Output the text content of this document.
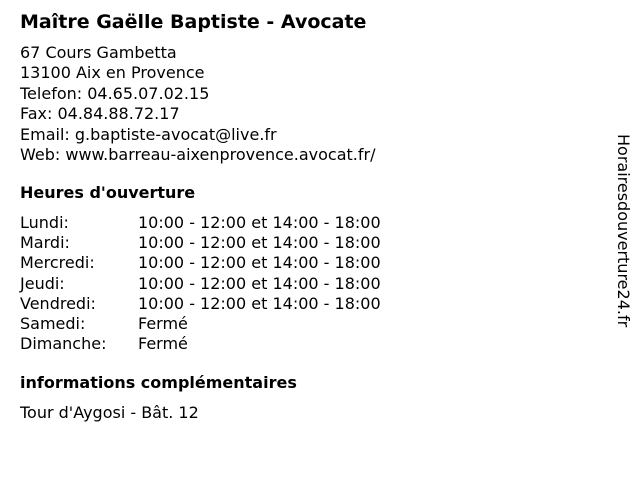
Maître Gaëlle Baptiste - Avocate
67 Cours Gambetta
13100 Aix en Provence
Telefon: 04.65.07.02.15
Fax: 04.84.88.72.17
Email: g.baptiste-avocat@live.fr
Web: www.barreau-aixenprovence.avocat.fr/
Heures d'ouverture
Lundi:	10:00 - 12:00 et 14:00 - 18:00
Mardi:	10:00 - 12:00 et 14:00 - 18:00
Mercredi:	10:00 - 12:00 et 14:00 - 18:00
Jeudi:	10:00 - 12:00 et 14:00 - 18:00
Vendredi:	10:00 - 12:00 et 14:00 - 18:00
Samedi:	Fermé
Dimanche:	Fermé
informations complémentaires
Tour d'Aygosi - Bât. 12
Horairesdouverture24.fr
